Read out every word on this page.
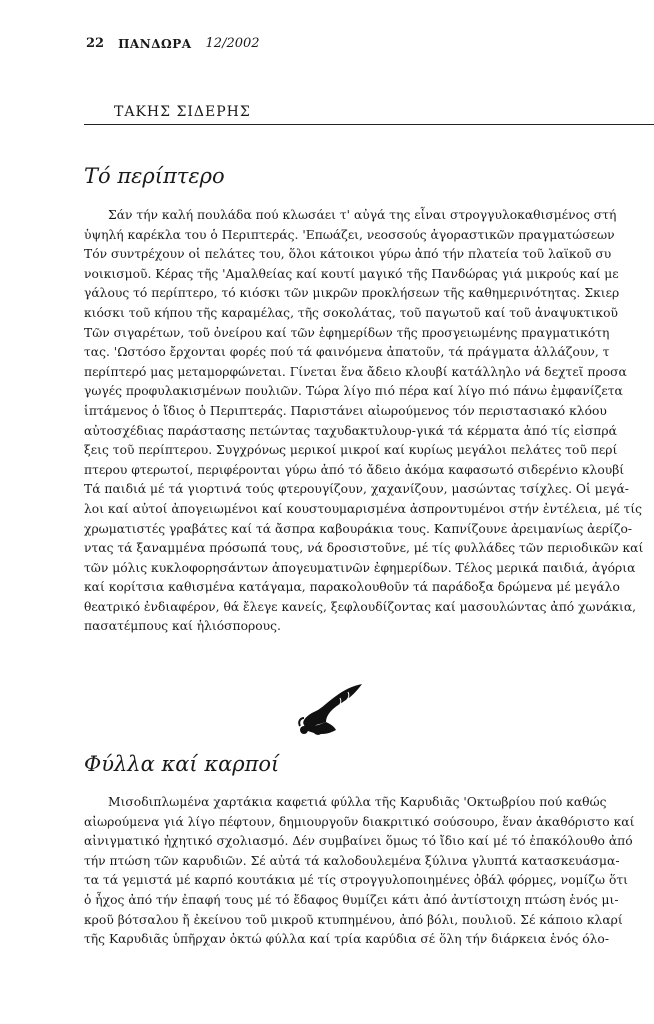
22 ΠΑΝΔΩΡΑ 12/2002
ΤΑΚΗΣ ΣΙΔΕΡΗΣ
Τό περίπτερο

Σάν τήν καλή πουλάδα πού κλωσάει τ' αὐγά της εἶναι στρογγυλοκαθισμένος στή
ὑψηλή καρέκλα του ὁ Περιπτεράς. 'Επωάζει, νεοσσούς ἀγοραστικῶν πραγματώσεων
Τόν συντρέχουν οἱ πελάτες του, ὅλοι κάτοικοι γύρω ἀπό τήν πλατεία τοῦ λαϊκοῦ συ
νοικισμοῦ. Κέρας τῆς 'Αμαλθείας καί κουτί μαγικό τῆς Πανδώρας γιά μικρούς καί με
γάλους τό περίπτερο, τό κιόσκι τῶν μικρῶν προκλήσεων τῆς καθημερινότητας. Σκιερ
κιόσκι τοῦ κήπου τῆς καραμέλας, τῆς σοκολάτας, τοῦ παγωτοῦ καί τοῦ ἀναψυκτικοῦ
Τῶν σιγαρέτων, τοῦ ὀνείρου καί τῶν ἐφημερίδων τῆς προσγειωμένης πραγματικότη
τας. 'Ωστόσο ἔρχονται φορές πού τά φαινόμενα ἀπατοῦν, τά πράγματα ἀλλάζουν, τ
περίπτερό μας μεταμορφώνεται. Γίνεται ἕνα ἄδειο κλουβί κατάλληλο νά δεχτεῖ προσα
γωγές προφυλακισμένων πουλιῶν. Τώρα λίγο πιό πέρα καί λίγο πιό πάνω ἐμφανίζετα
ἱπτάμενος ὁ ἴδιος ὁ Περιπτεράς. Παριστάνει αἰωρούμενος τόν περιστασιακό κλόου
αὐτοσχέδιας παράστασης πετώντας ταχυδακτυλουρ-γικά τά κέρματα ἀπό τίς εἰσπρά
ξεις τοῦ περίπτερου. Συγχρόνως μερικοί μικροί καί κυρίως μεγάλοι πελάτες τοῦ περί
πτερου φτερωτοί, περιφέρονται γύρω ἀπό τό ἄδειο ἀκόμα καφασωτό σιδερένιο κλουβί
Τά παιδιά μέ τά γιορτινά τούς φτερουγίζουν, χαχανίζουν, μασώντας τσίχλες. Οἱ μεγά-
λοι καί αὐτοί ἀπογειωμένοι καί κουστουμαρισμένα ἀσπροντυμένοι στήν ἐντέλεια, μέ τίς
χρωματιστές γραβάτες καί τά ἄσπρα καβουράκια τους. Καπνίζουνε ἀρειμανίως ἀερίζο-
ντας τά ξαναμμένα πρόσωπά τους, νά δροσιστοῦνε, μέ τίς φυλλάδες τῶν περιοδικῶν καί
τῶν μόλις κυκλοφορησάντων ἀπογευματινῶν ἐφημερίδων. Τέλος μερικά παιδιά, ἀγόρια
καί κορίτσια καθισμένα κατάγαμα, παρακολουθοῦν τά παράδοξα δρώμενα μέ μεγάλο
θεατρικό ἐνδιαφέρον, θά ἔλεγε κανείς, ξεφλουδίζοντας καί μασουλώντας ἀπό χωνάκια,
πασατέμπους καί ἡλιόσπορους.

Φύλλα καί καρποί

Μισοδιπλωμένα χαρτάκια καφετιά φύλλα τῆς Καρυδιᾶς 'Οκτωβρίου πού καθώς
αἰωρούμενα γιά λίγο πέφτουν, δημιουργοῦν διακριτικό σούσουρο, ἕναν ἀκαθόριστο καί
αἰνιγματικό ἠχητικό σχολιασμό. Δέν συμβαίνει ὅμως τό ἴδιο καί μέ τό ἐπακόλουθο ἀπό
τήν πτώση τῶν καρυδιῶν. Σέ αὐτά τά καλοδουλεμένα ξύλινα γλυπτά κατασκευάσμα-
τα τά γεμιστά μέ καρπό κουτάκια μέ τίς στρογγυλοποιημένες ὀβάλ φόρμες, νομίζω ὅτι
ὁ ἦχος ἀπό τήν ἐπαφή τους μέ τό ἔδαφος θυμίζει κάτι ἀπό ἀντίστοιχη πτώση ἑνός μι-
κροῦ βότσαλου ἤ ἐκείνου τοῦ μικροῦ κτυπημένου, ἀπό βόλι, πουλιοῦ. Σέ κάποιο κλαρί
τῆς Καρυδιᾶς ὑπῆρχαν ὀκτώ φύλλα καί τρία καρύδια σέ ὅλη τήν διάρκεια ἑνός όλο-
